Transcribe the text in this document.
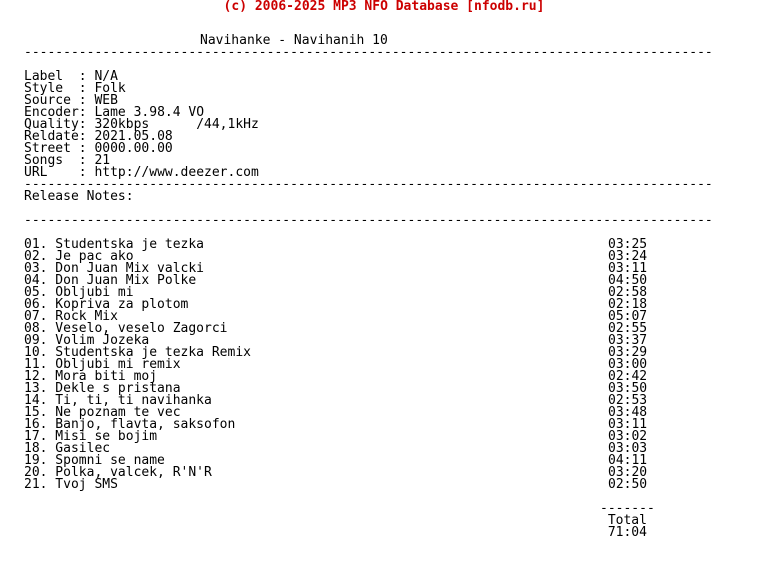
(c) 2006-2025 MP3 NFO Database [nfodb.ru]
Navihanke - Navihanih 10
----------------------------------------------------------------------------------------
Label  : N/A
Style  : Folk
Source : WEB
Encoder: Lame 3.98.4 VO
Quality: 320kbps      /44,1kHz
Reldate: 2021.05.08
Street : 0000.00.00
Songs  : 21
URL    : http://www.deezer.com
----------------------------------------------------------------------------------------
Release Notes:
----------------------------------------------------------------------------------------
01. Studentska je tezka	03:25
02. Je pac ako	03:24
03. Don Juan Mix valcki	03:11
04. Don Juan Mix Polke	04:50
05. Obljubi mi	02:58
06. Kopriva za plotom	02:18
07. Rock Mix	05:07
08. Veselo, veselo Zagorci	02:55
09. Volim Jozeka	03:37
10. Studentska je tezka Remix	03:29
11. Obljubi mi remix	03:00
12. Mora biti moj	02:42
13. Dekle s pristana	03:50
14. Ti, ti, ti navihanka	02:53
15. Ne poznam te vec	03:48
16. Banjo, flavta, saksofon	03:11
17. Misi se bojim	03:02
18. Gasilec	03:03
19. Spomni se name	04:11
20. Polka, valcek, R'N'R	03:20
21. Tvoj SMS	02:50
-------
Total
71:04
